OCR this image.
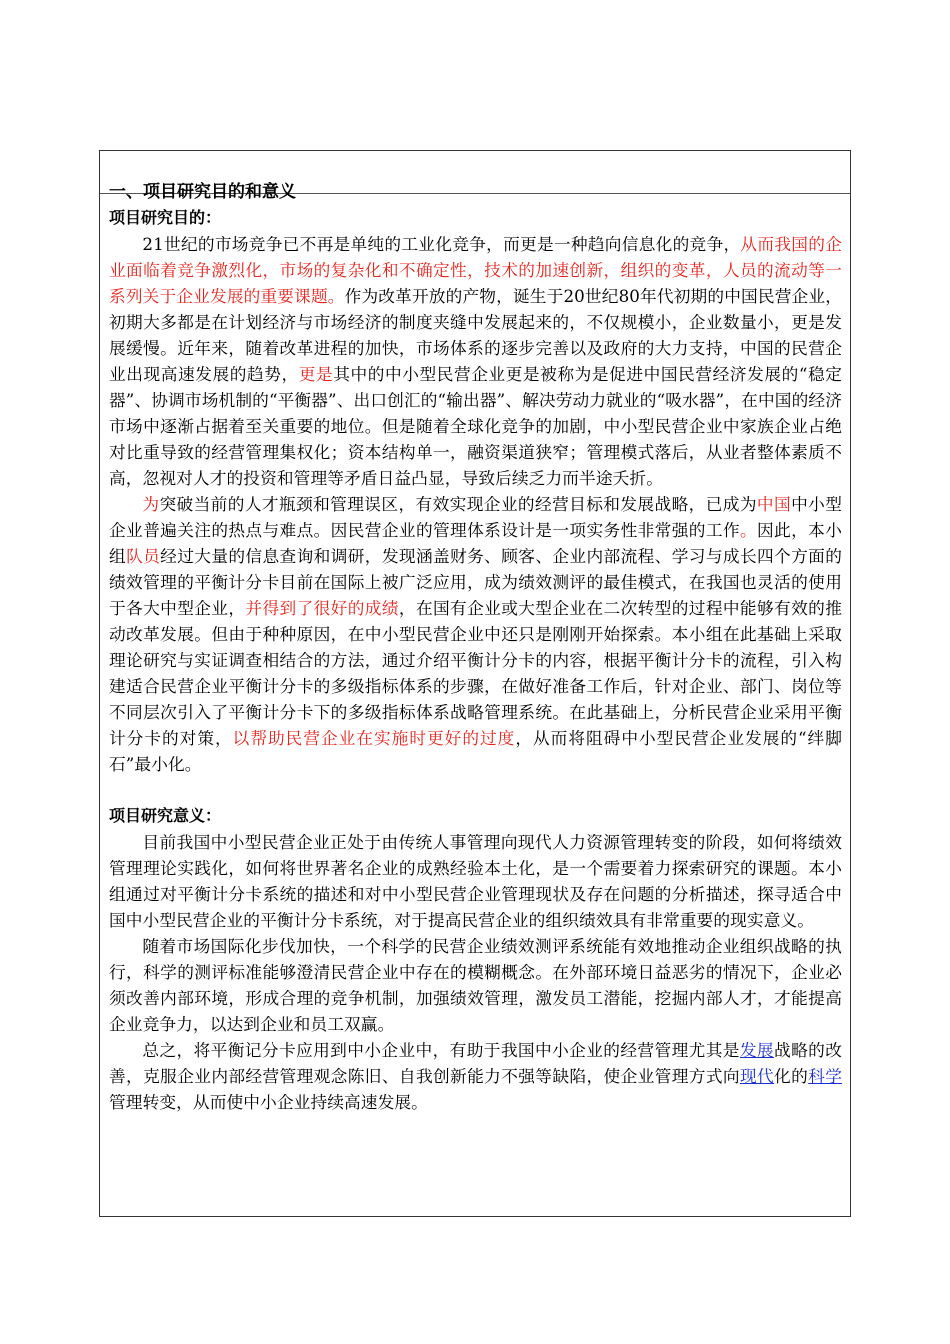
一、项目研究目的和意义

项目研究目的：

21世纪的市场竞争已不再是单纯的工业化竞争，而更是一种趋向信息化的竞争，从而我国的企业面临着竞争激烈化，市场的复杂化和不确定性，技术的加速创新，组织的变革，人员的流动等一系列关于企业发展的重要课题。作为改革开放的产物，诞生于20世纪80年代初期的中国民营企业，初期大多都是在计划经济与市场经济的制度夹缝中发展起来的，不仅规模小，企业数量小，更是发展缓慢。近年来，随着改革进程的加快，市场体系的逐步完善以及政府的大力支持，中国的民营企业出现高速发展的趋势，更是其中的中小型民营企业更是被称为是促进中国民营经济发展的“稳定器”、协调市场机制的“平衡器”、出口创汇的“输出器”、解决劳动力就业的“吸水器”，在中国的经济市场中逐渐占据着至关重要的地位。但是随着全球化竞争的加剧，中小型民营企业中家族企业占绝对比重导致的经营管理集权化；资本结构单一，融资渠道狭窄；管理模式落后，从业者整体素质不高，忽视对人才的投资和管理等矛盾日益凸显，导致后续乏力而半途夭折。

为突破当前的人才瓶颈和管理误区，有效实现企业的经营目标和发展战略，已成为中国中小型企业普遍关注的热点与难点。因民营企业的管理体系设计是一项实务性非常强的工作。因此，本小组队员经过大量的信息查询和调研，发现涵盖财务、顾客、企业内部流程、学习与成长四个方面的绩效管理的平衡计分卡目前在国际上被广泛应用，成为绩效测评的最佳模式，在我国也灵活的使用于各大中型企业，并得到了很好的成绩，在国有企业或大型企业在二次转型的过程中能够有效的推动改革发展。但由于种种原因，在中小型民营企业中还只是刚刚开始探索。本小组在此基础上采取理论研究与实证调查相结合的方法，通过介绍平衡计分卡的内容，根据平衡计分卡的流程，引入构建适合民营企业平衡计分卡的多级指标体系的步骤，在做好准备工作后，针对企业、部门、岗位等不同层次引入了平衡计分卡下的多级指标体系战略管理系统。在此基础上，分析民营企业采用平衡计分卡的对策，以帮助民营企业在实施时更好的过度，从而将阻碍中小型民营企业发展的“绊脚石”最小化。

项目研究意义：

目前我国中小型民营企业正处于由传统人事管理向现代人力资源管理转变的阶段，如何将绩效管理理论实践化，如何将世界著名企业的成熟经验本土化，是一个需要着力探索研究的课题。本小组通过对平衡计分卡系统的描述和对中小型民营企业管理现状及存在问题的分析描述，探寻适合中国中小型民营企业的平衡计分卡系统，对于提高民营企业的组织绩效具有非常重要的现实意义。

随着市场国际化步伐加快，一个科学的民营企业绩效测评系统能有效地推动企业组织战略的执行，科学的测评标准能够澄清民营企业中存在的模糊概念。在外部环境日益恶劣的情况下，企业必须改善内部环境，形成合理的竞争机制，加强绩效管理，激发员工潜能，挖掘内部人才，才能提高企业竞争力，以达到企业和员工双赢。

总之，将平衡记分卡应用到中小企业中，有助于我国中小企业的经营管理尤其是发展战略的改善，克服企业内部经营管理观念陈旧、自我创新能力不强等缺陷，使企业管理方式向现代化的科学管理转变，从而使中小企业持续高速发展。
